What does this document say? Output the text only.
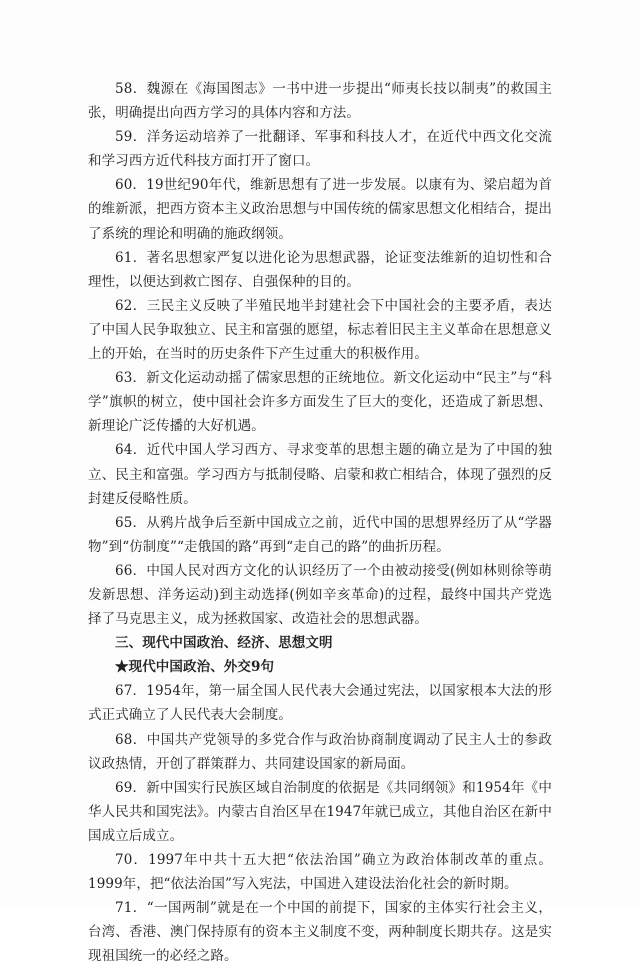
58．魏源在《海国图志》一书中进一步提出“师夷长技以制夷”的救国主张，明确提出向西方学习的具体内容和方法。

59．洋务运动培养了一批翻译、军事和科技人才，在近代中西文化交流和学习西方近代科技方面打开了窗口。

60．19世纪90年代，维新思想有了进一步发展。以康有为、梁启超为首的维新派，把西方资本主义政治思想与中国传统的儒家思想文化相结合，提出了系统的理论和明确的施政纲领。

61．著名思想家严复以进化论为思想武器，论证变法维新的迫切性和合理性，以便达到救亡图存、自强保种的目的。

62．三民主义反映了半殖民地半封建社会下中国社会的主要矛盾，表达了中国人民争取独立、民主和富强的愿望，标志着旧民主主义革命在思想意义上的开始，在当时的历史条件下产生过重大的积极作用。

63．新文化运动动摇了儒家思想的正统地位。新文化运动中“民主”与“科学”旗帜的树立，使中国社会许多方面发生了巨大的变化，还造成了新思想、新理论广泛传播的大好机遇。

64．近代中国人学习西方、寻求变革的思想主题的确立是为了中国的独立、民主和富强。学习西方与抵制侵略、启蒙和救亡相结合，体现了强烈的反封建反侵略性质。

65．从鸦片战争后至新中国成立之前，近代中国的思想界经历了从“学器物”到“仿制度”“走俄国的路”再到“走自己的路”的曲折历程。

66．中国人民对西方文化的认识经历了一个由被动接受(例如林则徐等萌发新思想、洋务运动)到主动选择(例如辛亥革命)的过程，最终中国共产党选择了马克思主义，成为拯救国家、改造社会的思想武器。

三、现代中国政治、经济、思想文明

★现代中国政治、外交9句

67．1954年，第一届全国人民代表大会通过宪法，以国家根本大法的形式正式确立了人民代表大会制度。

68．中国共产党领导的多党合作与政治协商制度调动了民主人士的参政议政热情，开创了群策群力、共同建设国家的新局面。

69．新中国实行民族区域自治制度的依据是《共同纲领》和1954年《中华人民共和国宪法》。内蒙古自治区早在1947年就已成立，其他自治区在新中国成立后成立。

70．1997年中共十五大把“依法治国”确立为政治体制改革的重点。1999年，把“依法治国”写入宪法，中国进入建设法治化社会的新时期。

71．“一国两制”就是在一个中国的前提下，国家的主体实行社会主义，台湾、香港、澳门保持原有的资本主义制度不变，两种制度长期共存。这是实现祖国统一的必经之路。
